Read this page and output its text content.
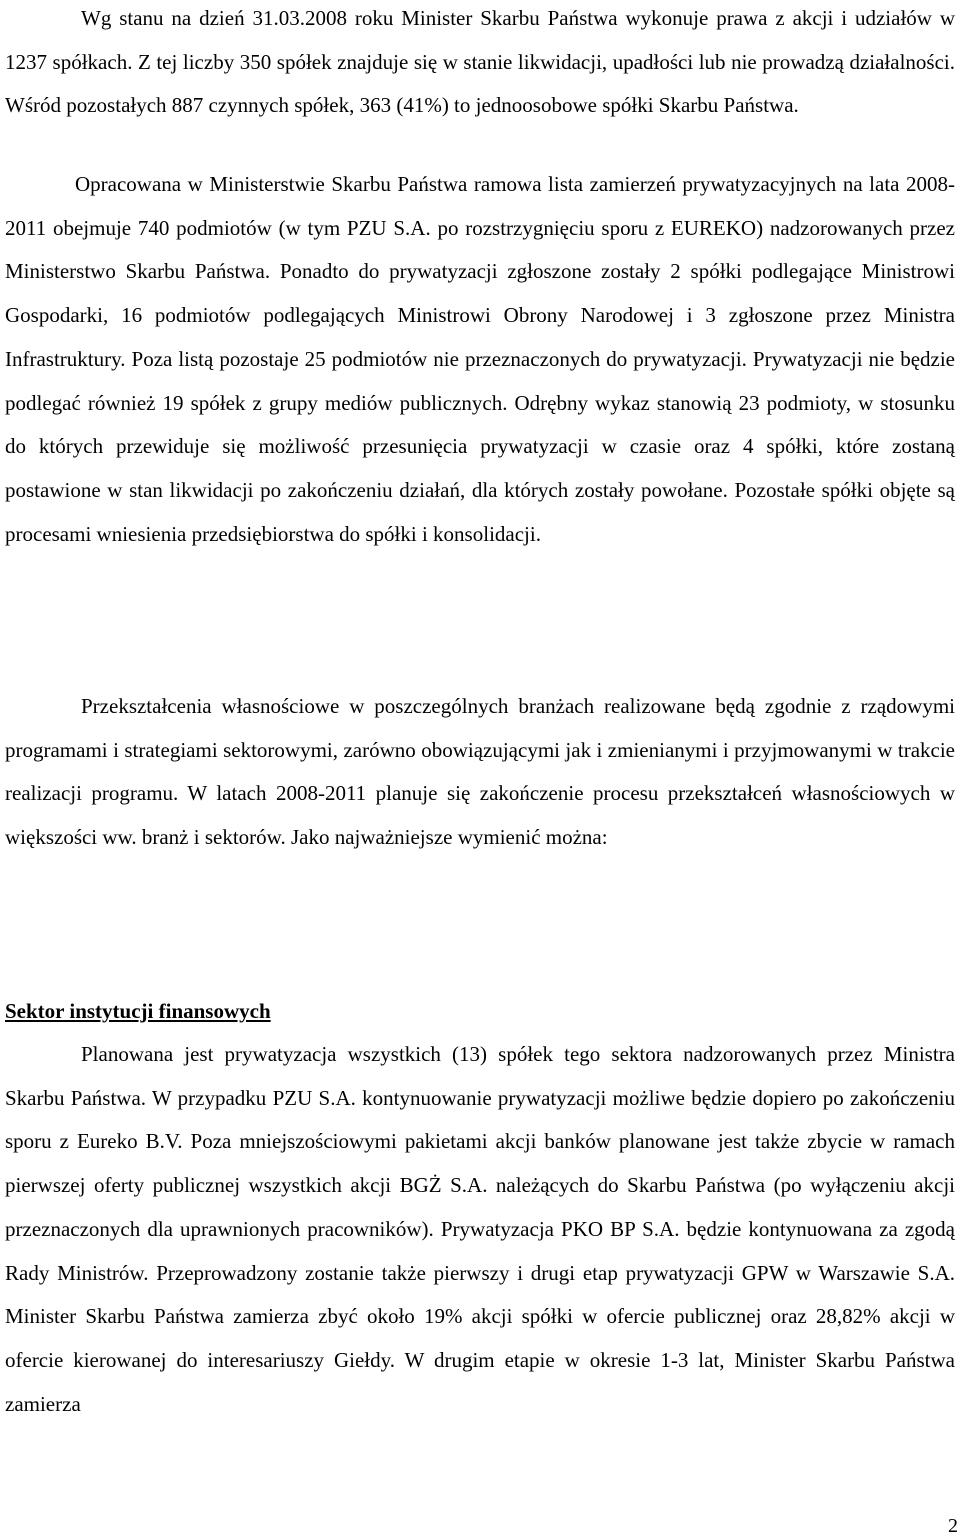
Wg stanu na dzień 31.03.2008 roku Minister Skarbu Państwa wykonuje prawa z akcji i udziałów w 1237 spółkach. Z tej liczby 350 spółek znajduje się w stanie likwidacji, upadłości lub nie prowadzą działalności. Wśród pozostałych 887 czynnych spółek, 363 (41%) to jednoosobowe spółki Skarbu Państwa.

Opracowana w Ministerstwie Skarbu Państwa ramowa lista zamierzeń prywatyzacyjnych na lata 2008-2011 obejmuje 740 podmiotów (w tym PZU S.A. po rozstrzygnięciu sporu z EUREKO) nadzorowanych przez Ministerstwo Skarbu Państwa. Ponadto do prywatyzacji zgłoszone zostały 2 spółki podlegające Ministrowi Gospodarki, 16 podmiotów podlegających Ministrowi Obrony Narodowej i 3 zgłoszone przez Ministra Infrastruktury. Poza listą pozostaje 25 podmiotów nie przeznaczonych do prywatyzacji. Prywatyzacji nie będzie podlegać również 19 spółek z grupy mediów publicznych. Odrębny wykaz stanowią 23 podmioty, w stosunku do których przewiduje się możliwość przesunięcia prywatyzacji w czasie oraz 4 spółki, które zostaną postawione w stan likwidacji po zakończeniu działań, dla których zostały powołane. Pozostałe spółki objęte są procesami wniesienia przedsiębiorstwa do spółki i konsolidacji.

Przekształcenia własnościowe w poszczególnych branżach realizowane będą zgodnie z rządowymi programami i strategiami sektorowymi, zarówno obowiązującymi jak i zmienianymi i przyjmowanymi w trakcie realizacji programu. W latach 2008-2011 planuje się zakończenie procesu przekształceń własnościowych w większości ww. branż i sektorów. Jako najważniejsze wymienić można:

Sektor instytucji finansowych

Planowana jest prywatyzacja wszystkich (13) spółek tego sektora nadzorowanych przez Ministra Skarbu Państwa. W przypadku PZU S.A. kontynuowanie prywatyzacji możliwe będzie dopiero po zakończeniu sporu z Eureko B.V. Poza mniejszościowymi pakietami akcji banków planowane jest także zbycie w ramach pierwszej oferty publicznej wszystkich akcji BGŻ S.A. należących do Skarbu Państwa (po wyłączeniu akcji przeznaczonych dla uprawnionych pracowników). Prywatyzacja PKO BP S.A. będzie kontynuowana za zgodą Rady Ministrów. Przeprowadzony zostanie także pierwszy i drugi etap prywatyzacji GPW w Warszawie S.A. Minister Skarbu Państwa zamierza zbyć około 19% akcji spółki w ofercie publicznej oraz 28,82% akcji w ofercie kierowanej do interesariuszy Giełdy. W drugim etapie w okresie 1-3 lat, Minister Skarbu Państwa zamierza

2
